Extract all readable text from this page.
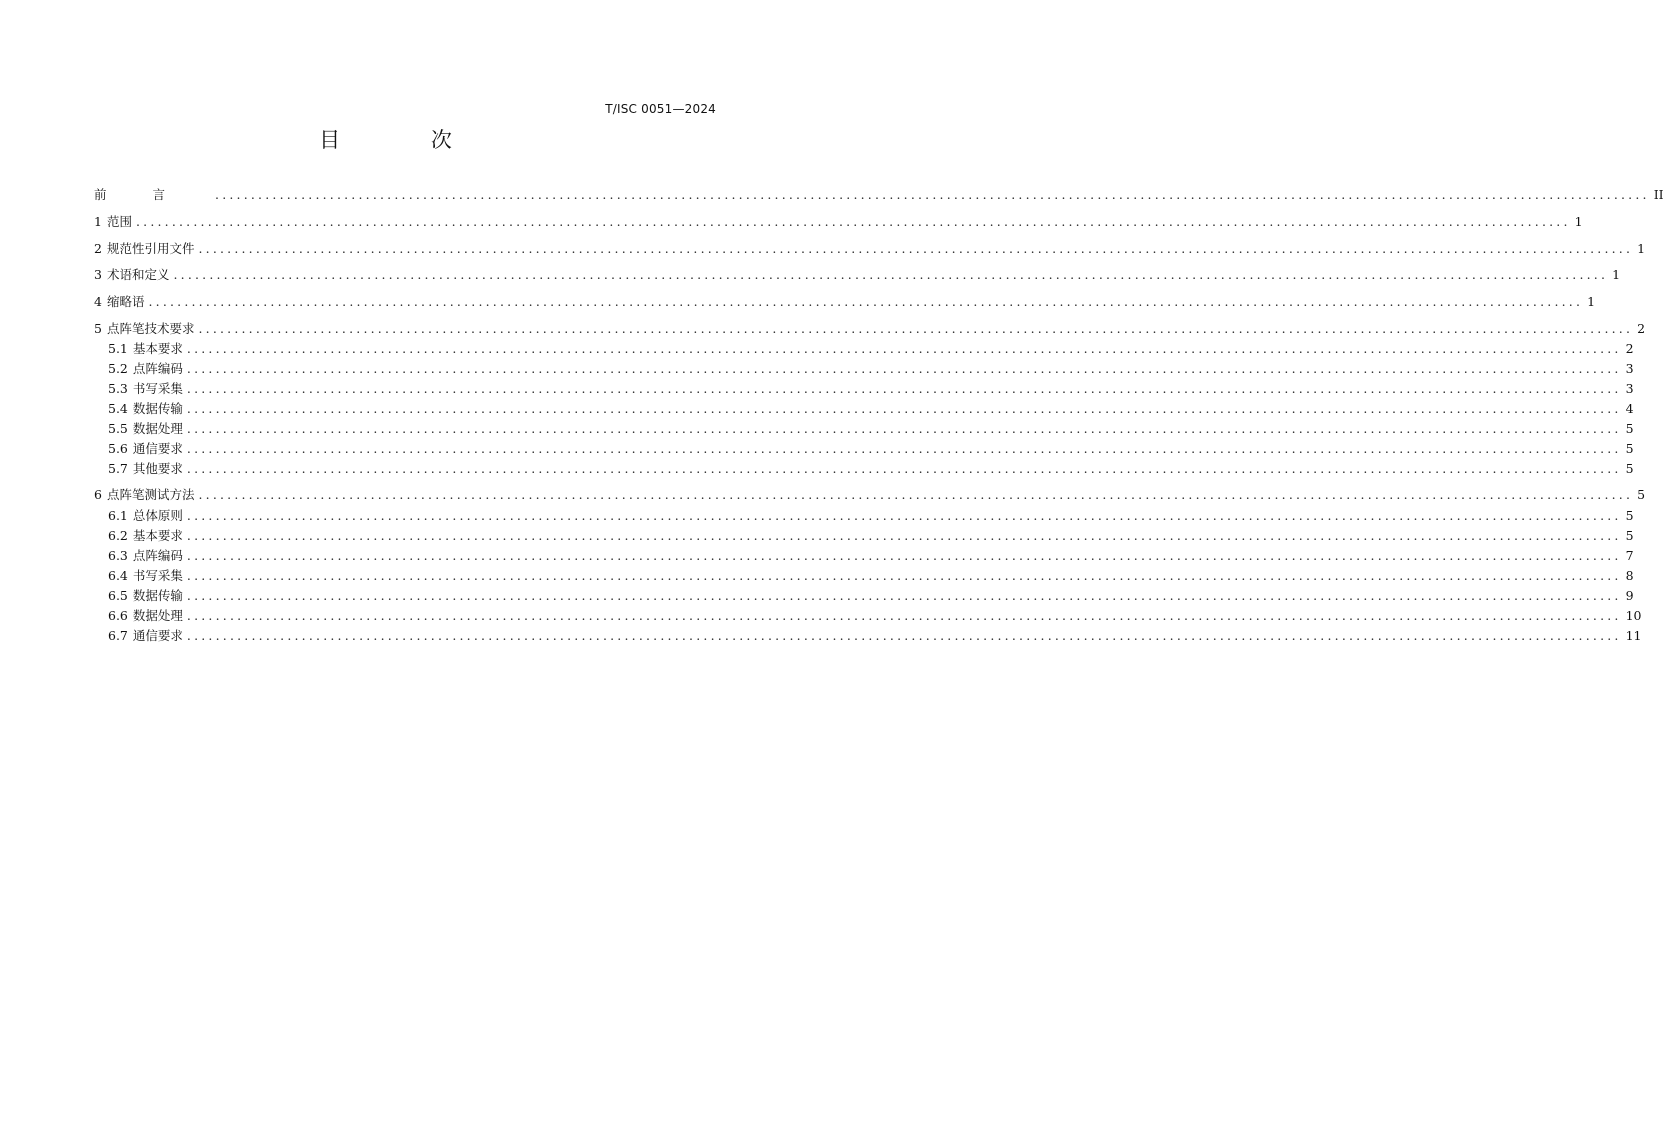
T/ISC 0051—2024
目 次
前言 ........................................................................................................................................................................................................ II
1 范围 ........................................................................................................................................................................................................ 1
2 规范性引用文件 ........................................................................................................................................................................................................ 1
3 术语和定义 ........................................................................................................................................................................................................ 1
4 缩略语 ........................................................................................................................................................................................................ 1
5 点阵笔技术要求 ........................................................................................................................................................................................................ 2
5.1 基本要求 ........................................................................................................................................................................................................ 2
5.2 点阵编码 ........................................................................................................................................................................................................ 3
5.3 书写采集 ........................................................................................................................................................................................................ 3
5.4 数据传输 ........................................................................................................................................................................................................ 4
5.5 数据处理 ........................................................................................................................................................................................................ 5
5.6 通信要求 ........................................................................................................................................................................................................ 5
5.7 其他要求 ........................................................................................................................................................................................................ 5
6 点阵笔测试方法 ........................................................................................................................................................................................................ 5
6.1 总体原则 ........................................................................................................................................................................................................ 5
6.2 基本要求 ........................................................................................................................................................................................................ 5
6.3 点阵编码 ........................................................................................................................................................................................................ 7
6.4 书写采集 ........................................................................................................................................................................................................ 8
6.5 数据传输 ........................................................................................................................................................................................................ 9
6.6 数据处理 ........................................................................................................................................................................................................ 10
6.7 通信要求 ........................................................................................................................................................................................................ 11
